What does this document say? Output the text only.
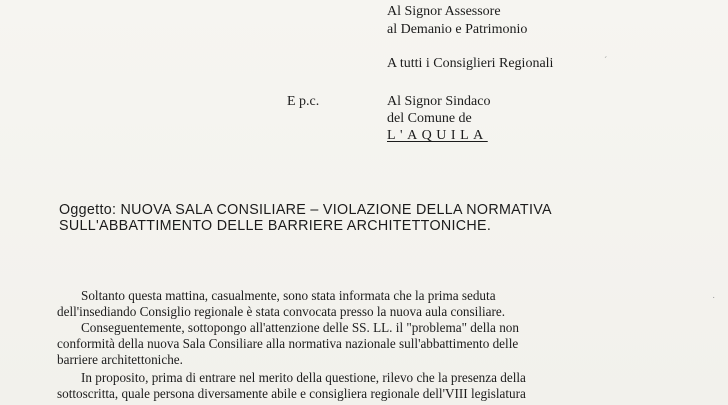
Al Signor Assessore
al Demanio e Patrimonio
A tutti i Consiglieri Regionali	ˊ
E p.c.	Al Signor Sindaco
del Comune de
L'AQUILA
Oggetto: NUOVA SALA CONSILIARE – VIOLAZIONE DELLA NORMATIVA
SULL'ABBATTIMENTO DELLE BARRIERE ARCHITETTONICHE.
Soltanto questa mattina, casualmente, sono stata informata che la prima seduta
dell'insediando Consiglio regionale è stata convocata presso la nuova aula consiliare.
Conseguentemente, sottopongo all'attenzione delle SS. LL. il "problema" della non
conformità della nuova Sala Consiliare alla normativa nazionale sull'abbattimento delle
barriere architettoniche.
In proposito, prima di entrare nel merito della questione, rilevo che la presenza della
sottoscritta, quale persona diversamente abile e consigliera regionale dell'VIII legislatura
˙
